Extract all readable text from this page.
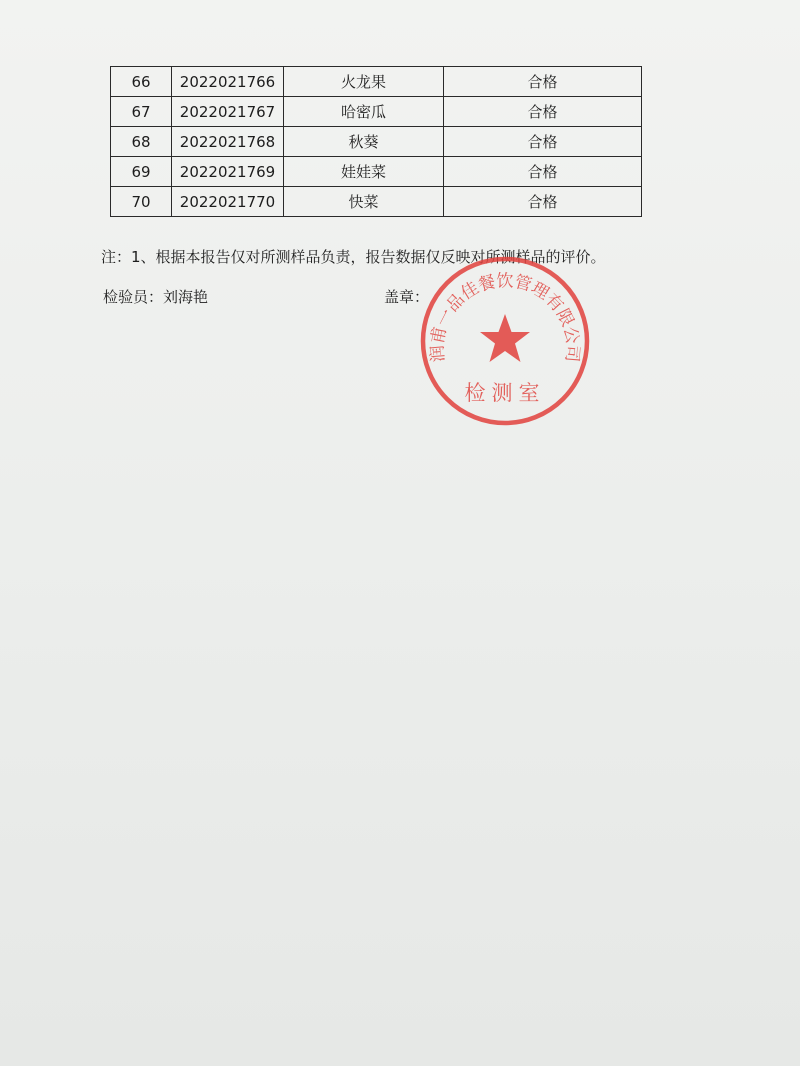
66	2022021766	火龙果	合格
67	2022021767	哈密瓜	合格
68	2022021768	秋葵	合格
69	2022021769	娃娃菜	合格
70	2022021770	快菜	合格
注：1、根据本报告仅对所测样品负责，报告数据仅反映对所测样品的评价。
检验员：刘海艳	盖章：
润甫一品佳餐饮管理有限公司
检测室
